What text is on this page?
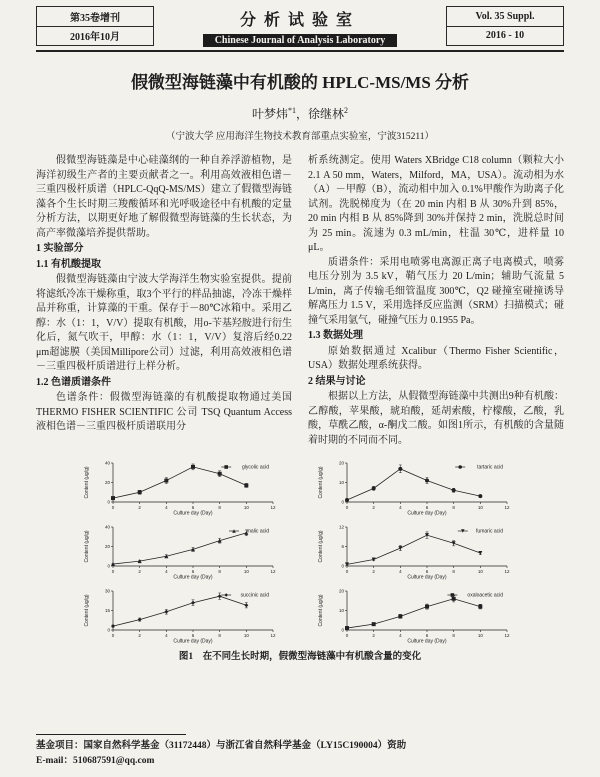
第35卷增刊
2016年10月
分析试验室
Chinese Journal of Analysis Laboratory
Vol. 35 Suppl.
2016 - 10
假微型海链藻中有机酸的 HPLC-MS/MS 分析
叶梦炜$^{*1}$，徐继林$^2$
（宁波大学 应用海洋生物技术教育部重点实验室，宁波315211）

假微型海链藻是中心硅藻纲的一种自养浮游植物，是海洋初级生产者的主要贡献者之一。利用高效液相色谱－三重四极杆质谱（HPLC-QqQ-MS/MS）建立了假微型海链藻各个生长时期三羧酸循环和光呼吸途径中有机酸的定量分析方法，以期更好地了解假微型海链藻的生长状态，为高产率微藻培养提供帮助。

1 实验部分

1.1 有机酸提取

假微型海链藻由宁波大学海洋生物实验室提供。提前将滤纸冷冻干燥称重，取3个平行的样品抽滤，冷冻干燥样品并称重，计算藻的干重。保存于－80℃冰箱中。采用乙醇：水（1：1，V/V）提取有机酸，用o-苄基羟胺进行衍生化后，氮气吹干，甲醇：水（1：1，V/V）复溶后经0.22 μm超滤膜（美国Millipore公司）过滤，利用高效液相色谱－三重四极杆质谱进行上样分析。

1.2 色谱质谱条件

色谱条件：假微型海链藻的有机酸提取物通过美国 THERMO FISHER SCIENTIFIC 公司 TSQ Quantum Access 液相色谱－三重四极杆质谱联用分

析系统测定。使用 Waters XBridge C18 column（颗粒大小 2.1 A 50 mm，Waters，Milford，MA，USA）。流动相为水（A）－甲醇（B），流动相中加入 0.1%甲酸作为助离子化试剂。洗脱梯度为（在 20 min 内相 B 从 30%升到 85%，20 min 内相 B 从 85%降到 30%并保持 2 min，洗脱总时间为 25 min。流速为 0.3 mL/min，柱温 30℃，进样量 10 μL。

质谱条件：采用电喷雾电离源正离子电离模式，喷雾电压分别为 3.5 kV，鞘气压力 20 L/min；辅助气流量 5 L/min，离子传输毛细管温度 300℃，Q2 碰撞室碰撞诱导解离压力 1.5 V，采用选择反应监测（SRM）扫描模式；碰撞气采用氩气，碰撞气压力 0.1955 Pa。

1.3 数据处理

原始数据通过 Xcalibur（Thermo Fisher Scientific，USA）数据处理系统获得。

2 结果与讨论

根据以上方法，从假微型海链藻中共测出9种有机酸：乙醇酸，苹果酸，琥珀酸，延胡索酸，柠檬酸，乙酸，乳酸，草酰乙酸，α-酮戊二酸。如图1所示，有机酸的含量随着时期的不同而不同。

0	2	4	6	8	10	12
0
20
40
glycolic acid
Culture day (Day)
Content (μg/g)
0	2	4	6	8	10	12
0
10
20
tartaric acid
Culture day (Day)
Content (μg/g)
0	2	4	6	8	10	12
0
20
40
malic acid
Culture day (Day)
Content (μg/g)
0	2	4	6	8	10	12
0
6
12
fumaric acid
Culture day (Day)
Content (μg/g)
0	2	4	6	8	10	12
0
15
30
succinic acid
Culture day (Day)
Content (μg/g)
0	2	4	6	8	10	12
0
10
20
oxaloacetic acid
Culture day (Day)
Content (μg/g)
图1　在不同生长时期，假微型海链藻中有机酸含量的变化
基金项目：国家自然科学基金（31172448）与浙江省自然科学基金（LY15C190004）资助
E-mail：510687591@qq.com
